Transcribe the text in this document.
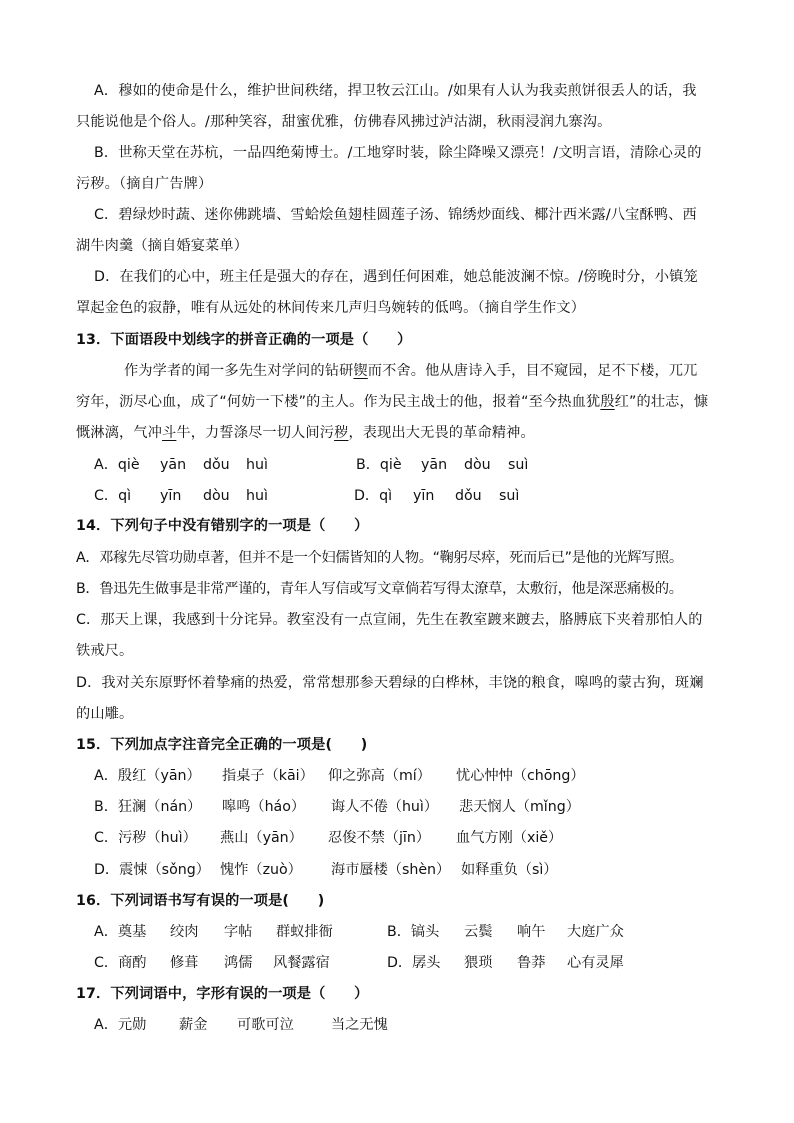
A．穆如的使命是什么，维护世间秩绪，捍卫牧云江山。/如果有人认为我卖煎饼很丢人的话，我
只能说他是个俗人。/那种笑容，甜蜜优雅，仿佛春风拂过泸沽湖，秋雨浸润九寨沟。
B．世称天堂在苏杭，一品四绝菊博士。/工地穿时装，除尘降噪又漂亮！/文明言语，清除心灵的
污秽。（摘自广告牌）
C．碧绿炒时蔬、迷你佛跳墙、雪蛤烩鱼翅桂圆莲子汤、锦绣炒面线、椰汁西米露/八宝酥鸭、西
湖牛肉羹（摘自婚宴菜单）
D．在我们的心中，班主任是强大的存在，遇到任何困难，她总能波澜不惊。/傍晚时分，小镇笼
罩起金色的寂静，唯有从远处的林间传来几声归鸟婉转的低鸣。（摘自学生作文）
13．下面语段中划线字的拼音正确的一项是（　　）
作为学者的闻一多先生对学问的钻研锲而不舍。他从唐诗入手，目不窥园，足不下楼，兀兀
穷年，沥尽心血，成了“何妨一下楼”的主人。作为民主战士的他，报着“至今热血犹殷红”的壮志，慷
慨淋漓，气冲斗牛，力誓涤尽一切人间污秽，表现出大无畏的革命精神。
A．qiè yān dǒu huì	B．qiè yān dòu suì
C．qì yīn dòu huì	D．qì yīn dǒu suì
14．下列句子中没有错别字的一项是（　　）
A．邓稼先尽管功勋卓著，但并不是一个妇儒皆知的人物。“鞠躬尽瘁，死而后已”是他的光辉写照。
B．鲁迅先生做事是非常严谨的，青年人写信或写文章倘若写得太潦草，太敷衍，他是深恶痛极的。
C．那天上课，我感到十分诧异。教室没有一点宣闹，先生在教室踱来踱去，胳膊底下夹着那怕人的
铁戒尺。
D．我对关东原野怀着挚痛的热爱，常常想那参天碧绿的白桦林，丰饶的粮食，嗥鸣的蒙古狗，斑斓
的山雕。
15．下列加点字注音完全正确的一项是(　　)
A．殷红（yān） 指桌子（kāi） 仰之弥高（mí） 忧心忡忡（chōng）
B．狂澜（nán） 嗥鸣（háo） 诲人不倦（huì） 悲天悯人（mǐng）
C．污秽（huì） 燕山（yān） 忍俊不禁（jīn） 血气方刚（xiě）
D．震悚（sǒng） 愧怍（zuò） 海市蜃楼（shèn） 如释重负（sì）
16．下列词语书写有误的一项是(　　)
A．奠基 绞肉 字帖 群蚁排衙	B．镐头 云鬓 响午 大庭广众
C．商酌 修葺 鸿儒 风餐露宿	D．孱头 猥琐 鲁莽 心有灵犀
17．下列词语中，字形有误的一项是（　　）
A．元勋 薪金 可歌可泣	当之无愧
